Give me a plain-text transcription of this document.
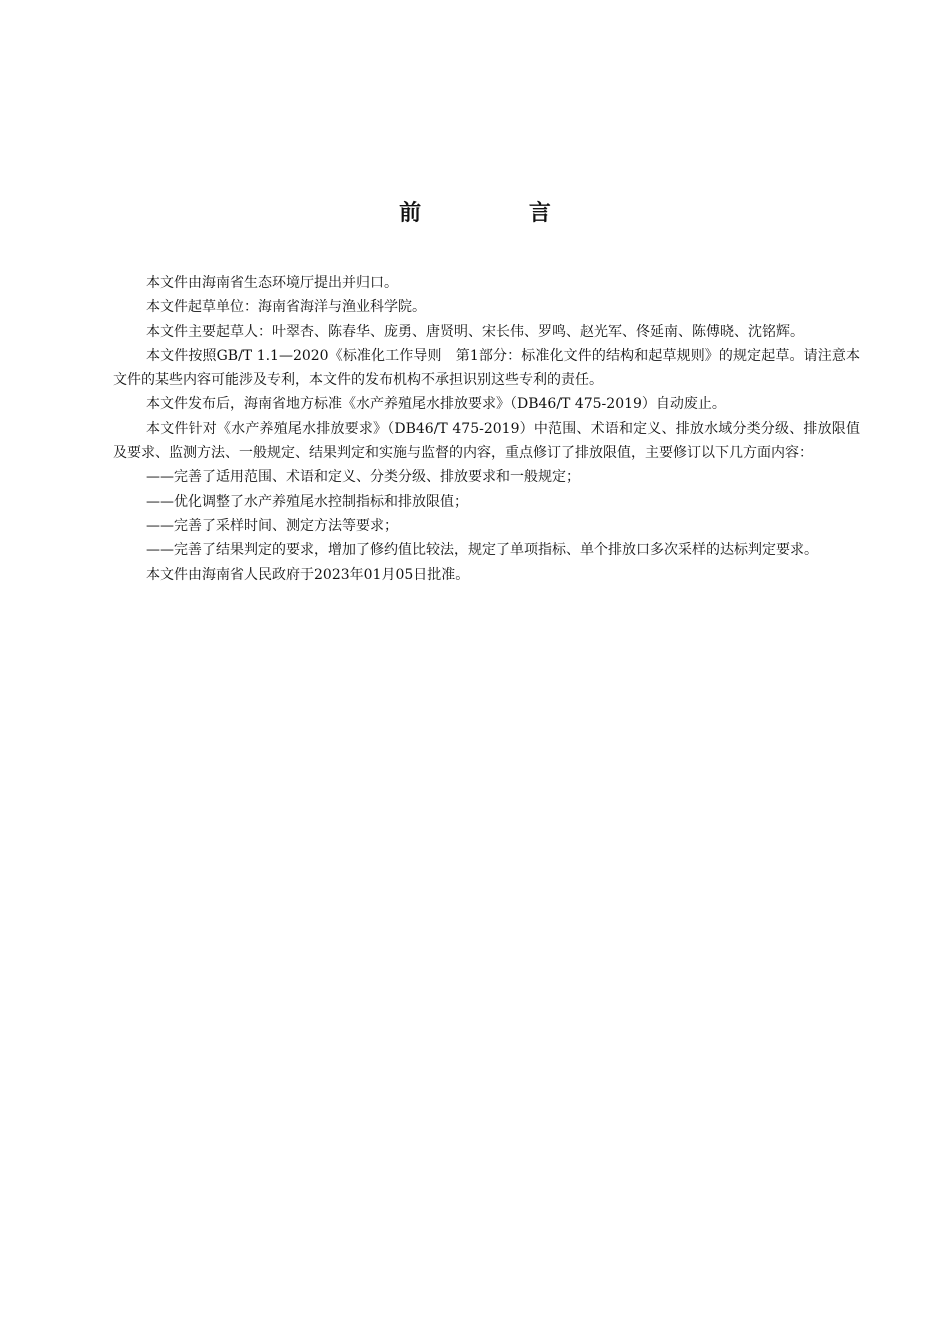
前 言

本文件由海南省生态环境厅提出并归口。

本文件起草单位：海南省海洋与渔业科学院。

本文件主要起草人：叶翠杏、陈春华、庞勇、唐贤明、宋长伟、罗鸣、赵光军、佟延南、陈傅晓、沈铭辉。

本文件按照GB/T 1.1—2020《标准化工作导则　第1部分：标准化文件的结构和起草规则》的规定起草。请注意本文件的某些内容可能涉及专利，本文件的发布机构不承担识别这些专利的责任。

本文件发布后，海南省地方标准《水产养殖尾水排放要求》（DB46/T 475-2019）自动废止。

本文件针对《水产养殖尾水排放要求》（DB46/T 475-2019）中范围、术语和定义、排放水域分类分级、排放限值及要求、监测方法、一般规定、结果判定和实施与监督的内容，重点修订了排放限值，主要修订以下几方面内容：

——完善了适用范围、术语和定义、分类分级、排放要求和一般规定；

——优化调整了水产养殖尾水控制指标和排放限值；

——完善了采样时间、测定方法等要求；

——完善了结果判定的要求，增加了修约值比较法，规定了单项指标、单个排放口多次采样的达标判定要求。

本文件由海南省人民政府于2023年01月05日批准。
